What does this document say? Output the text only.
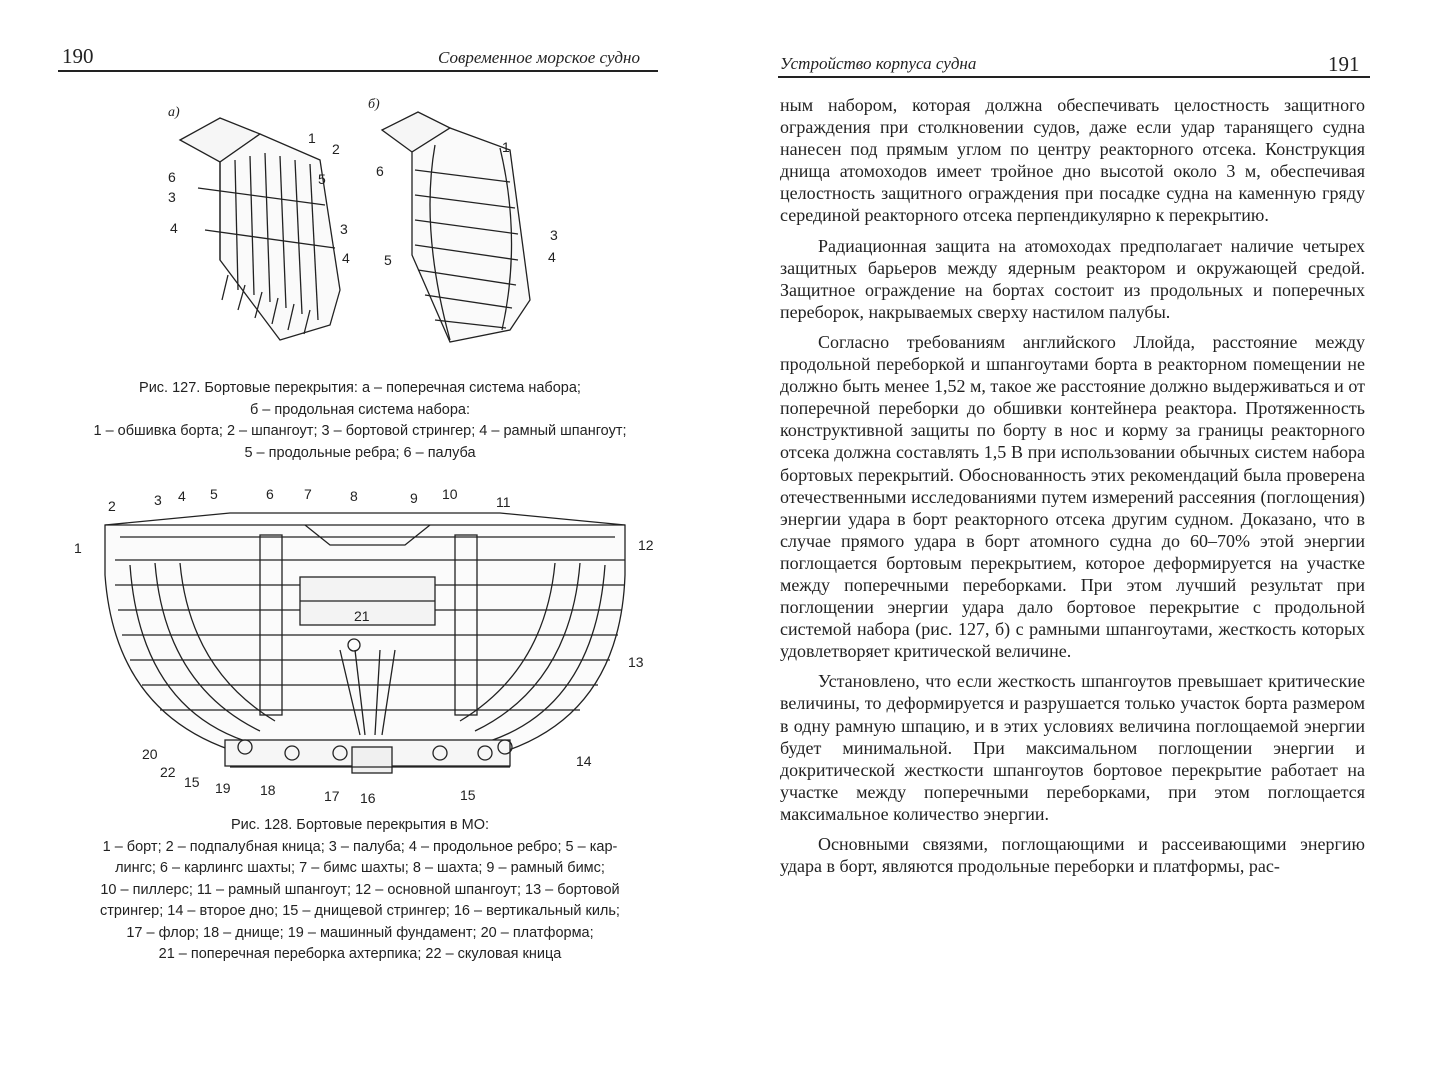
190	Современное морское судно
а)
б)
1
2
3
4
5
6
3
4
1
6
3
4
5
Рис. 127. Бортовые перекрытия: а – поперечная система набора;
б – продольная система набора:
1 – обшивка борта; 2 – шпангоут; 3 – бортовой стрингер; 4 – рамный шпангоут;
5 – продольные ребра; 6 – палуба
1
2	3 4 5	6 7	8	9 10	11
12
13
14
15
16
17	15
18
19
22
20
21
Рис. 128. Бортовые перекрытия в МО:
1 – борт; 2 – подпалубная кница; 3 – палуба; 4 – продольное ребро; 5 – кар-
лингс; 6 – карлингс шахты; 7 – бимс шахты; 8 – шахта; 9 – рамный бимс;
10 – пиллерс; 11 – рамный шпангоут; 12 – основной шпангоут; 13 – бортовой
стрингер; 14 – второе дно; 15 – днищевой стрингер; 16 – вертикальный киль;
17 – флор; 18 – днище; 19 – машинный фундамент; 20 – платформа;
21 – поперечная переборка ахтерпика; 22 – скуловая кница
Устройство корпуса судна	191

ным набором, которая должна обеспечивать целостность защитного ограждения при столкновении судов, даже если удар таранящего судна нанесен под прямым углом по центру реакторного отсека. Конструкция днища атомоходов имеет тройное дно высотой около 3 м, обеспечивая целостность защитного ограждения при посадке судна на каменную гряду серединой реакторного отсека перпендикулярно к перекрытию.

Радиационная защита на атомоходах предполагает наличие четырех защитных барьеров между ядерным реактором и окружающей средой. Защитное ограждение на бортах состоит из продольных и поперечных переборок, накрываемых сверху настилом палубы.

Согласно требованиям английского Ллойда, расстояние между продольной переборкой и шпангоутами борта в реакторном помещении не должно быть менее 1,52 м, такое же расстояние должно выдерживаться и от поперечной переборки до обшивки контейнера реактора. Протяженность конструктивной защиты по борту в нос и корму за границы реакторного отсека должна составлять 1,5 В при использовании обычных систем набора бортовых перекрытий. Обоснованность этих рекомендаций была проверена отечественными исследованиями путем измерений рассеяния (поглощения) энергии удара в борт реакторного отсека другим судном. Доказано, что в случае прямого удара в борт атомного судна до 60–70% этой энергии поглощается бортовым перекрытием, которое деформируется на участке между поперечными переборками. При этом лучший результат при поглощении энергии удара дало бортовое перекрытие с продольной системой набора (рис. 127, б) с рамными шпангоутами, жесткость которых удовлетворяет критической величине.

Установлено, что если жесткость шпангоутов превышает критические величины, то деформируется и разрушается только участок борта размером в одну рамную шпацию, и в этих условиях величина поглощаемой энергии будет минимальной. При максимальном поглощении энергии и докритической жесткости шпангоутов бортовое перекрытие работает на участке между поперечными переборками, при этом поглощается максимальное количество энергии.

Основными связями, поглощающими и рассеивающими энергию удара в борт, являются продольные переборки и платформы, рас-
